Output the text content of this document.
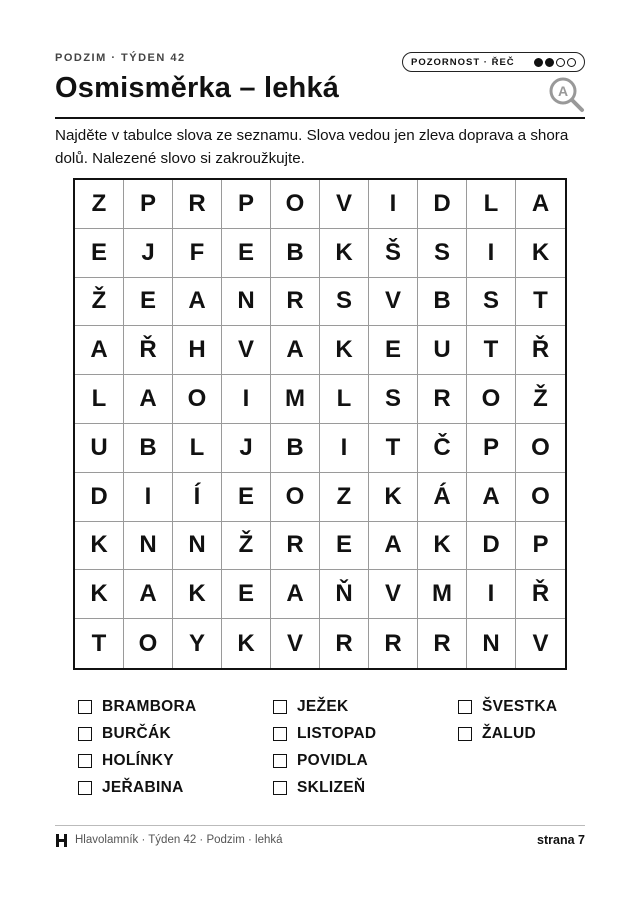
PODZIM · TÝDEN 42	POZORNOST · ŘEČ
Osmisměrka – lehká	A
Najděte v tabulce slova ze seznamu. Slova vedou jen zleva doprava a shora dolů. Nalezené slovo si zakroužkujte.
Z	P	R	P	O	V	I	D	L	A
E	J	F	E	B	K	Š	S	I	K
Ž	E	A	N	R	S	V	B	S	T
A	Ř	H	V	A	K	E	U	T	Ř
L	A	O	I	M	L	S	R	O	Ž
U	B	L	J	B	I	T	Č	P	O
D	I	Í	E	O	Z	K	Á	A	O
K	N	N	Ž	R	E	A	K	D	P
K	A	K	E	A	Ň	V	M	I	Ř
T	O	Y	K	V	R	R	R	N	V
BRAMBORA
BURČÁK
HOLÍNKY
JEŘABINA
JEŽEK
LISTOPAD
POVIDLA
SKLIZEŇ
ŠVESTKA
ŽALUD
Hlavolamník · Týden 42 · Podzim · lehká	strana 7
